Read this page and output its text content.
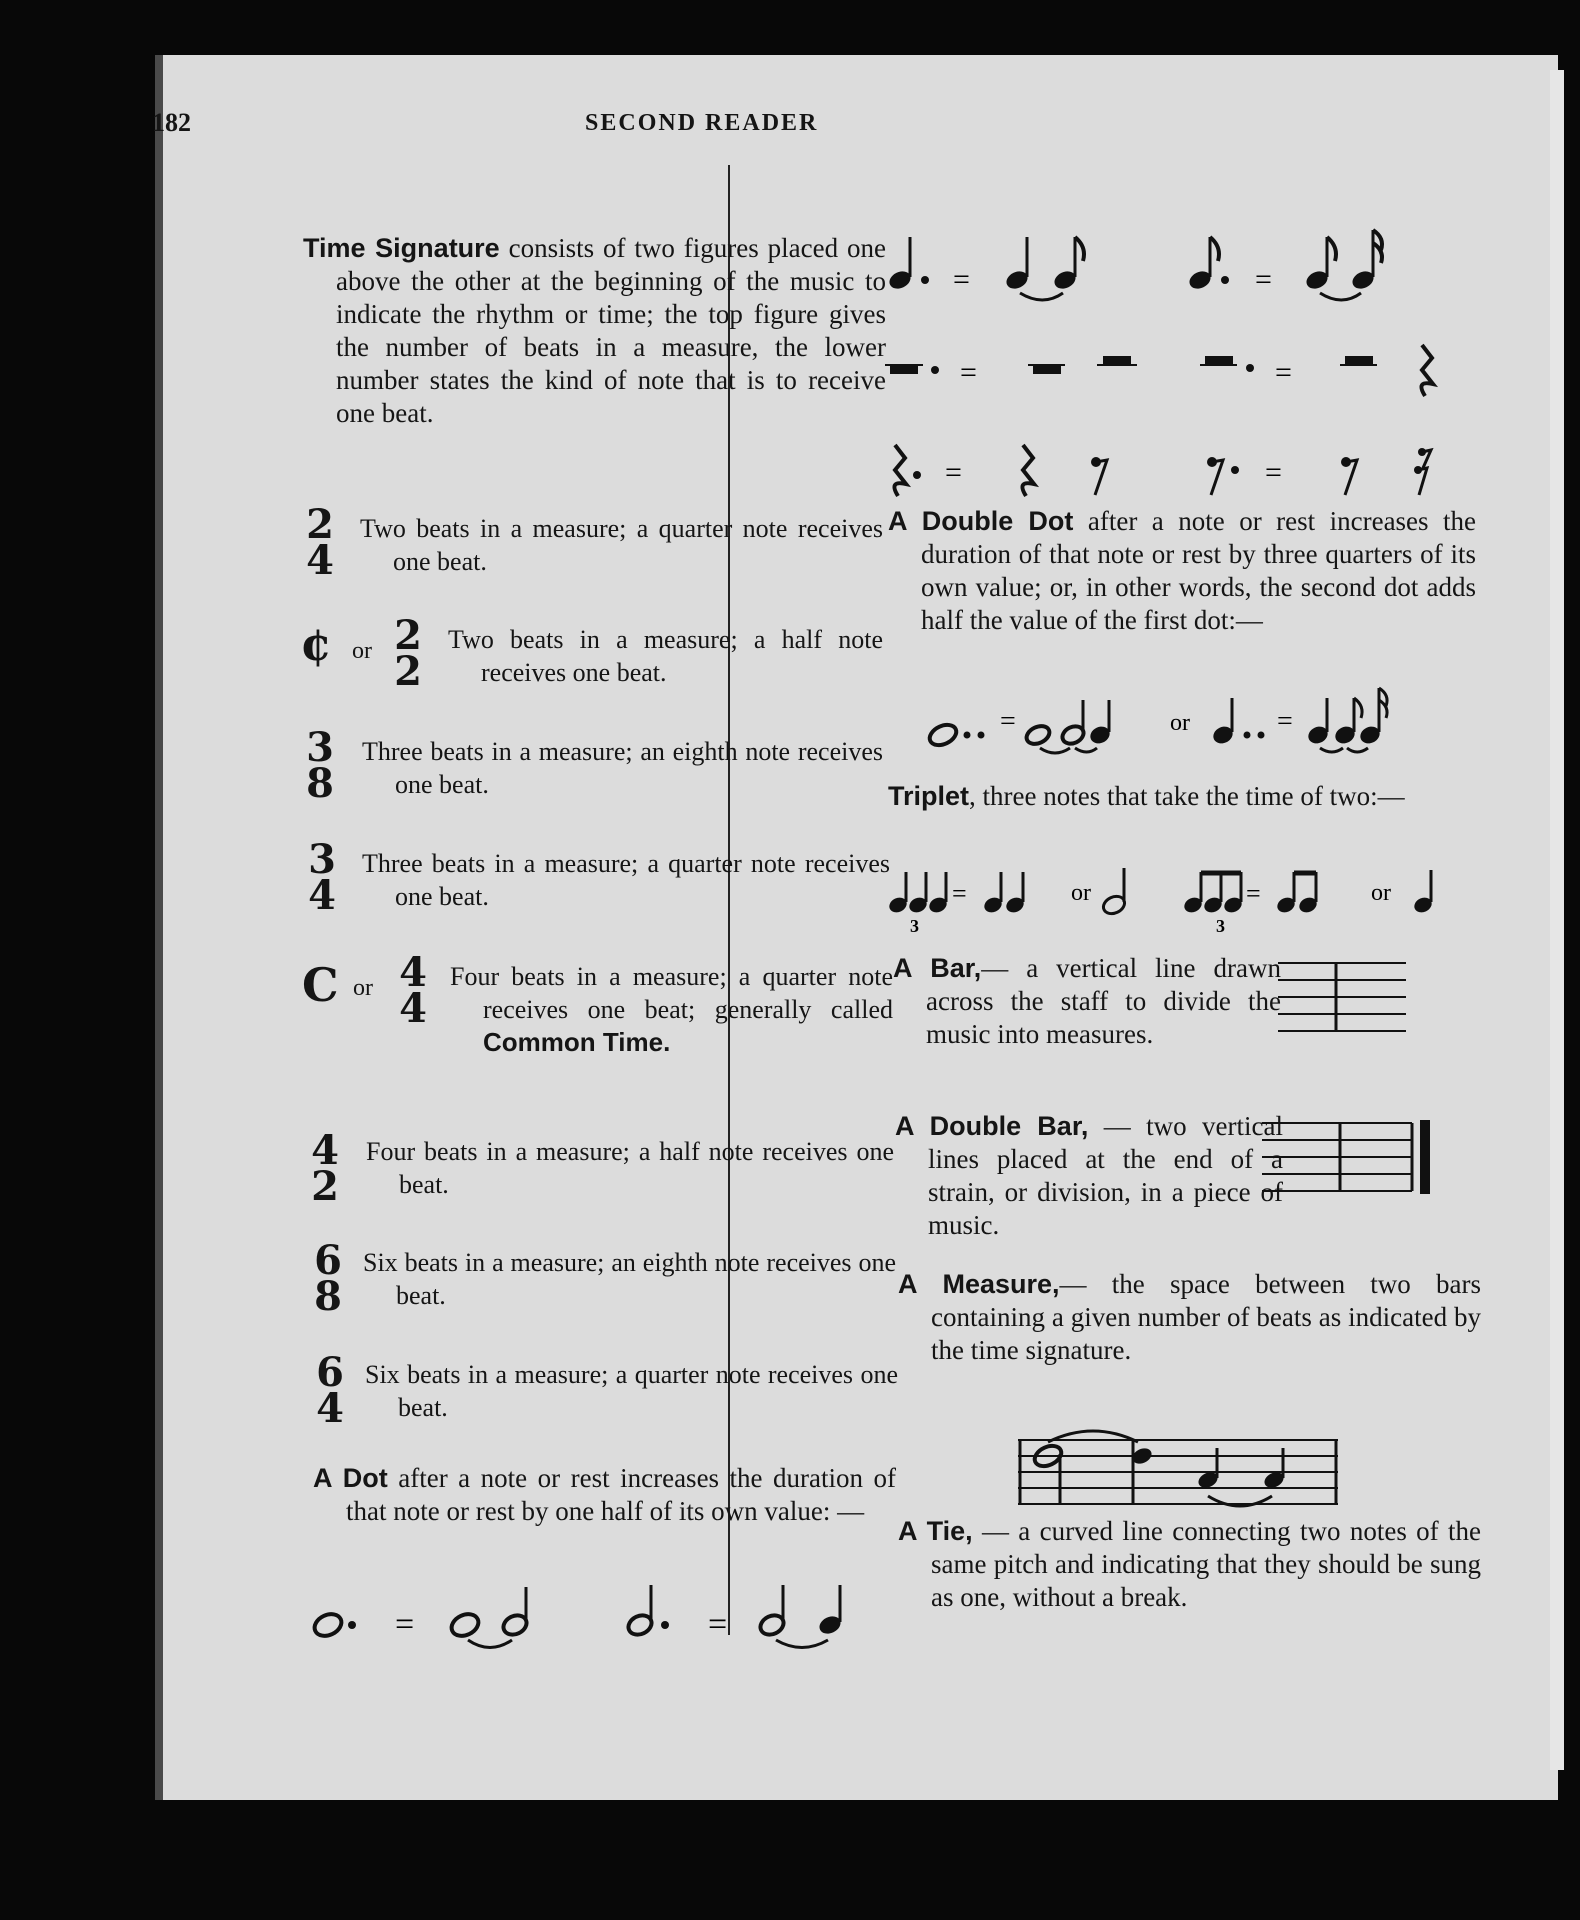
182	SECOND READER

Time Signature consists of two figures placed one above the other at the beginning of the music to indicate the rhythm or time; the top figure gives the number of beats in a measure, the lower number states the kind of note that is to receive one beat.

2
4

Two beats in a measure; a quarter note receives one beat.

¢ or 2
2

Two beats in a measure; a half note receives one beat.

3
8

Three beats in a measure; an eighth note receives one beat.

3
4

Three beats in a measure; a quarter note receives one beat.

C or 4
4

Four beats in a measure; a quarter note receives one beat; generally called Common Time.

4
2

Four beats in a measure; a half note receives one beat.

6
8

Six beats in a measure; an eighth note receives one beat.

6
4

Six beats in a measure; a quarter note receives one beat.

A Dot after a note or rest increases the duration of that note or rest by one half of its own value: —

=	=
=	=
=	=
=	=

A Double Dot after a note or rest increases the duration of that note or rest by three quarters of its own value; or, in other words, the second dot adds half the value of the first dot:—

=	or	=

Triplet, three notes that take the time of two:—

3
=	or
3
=	or

A Bar,— a vertical line drawn across the staff to divide the music into measures.

A Double Bar, — two vertical lines placed at the end of a strain, or division, in a piece of music.

A Measure,— the space between two bars containing a given number of beats as indicated by the time signature.

A Tie, — a curved line connecting two notes of the same pitch and indicating that they should be sung as one, without a break.
